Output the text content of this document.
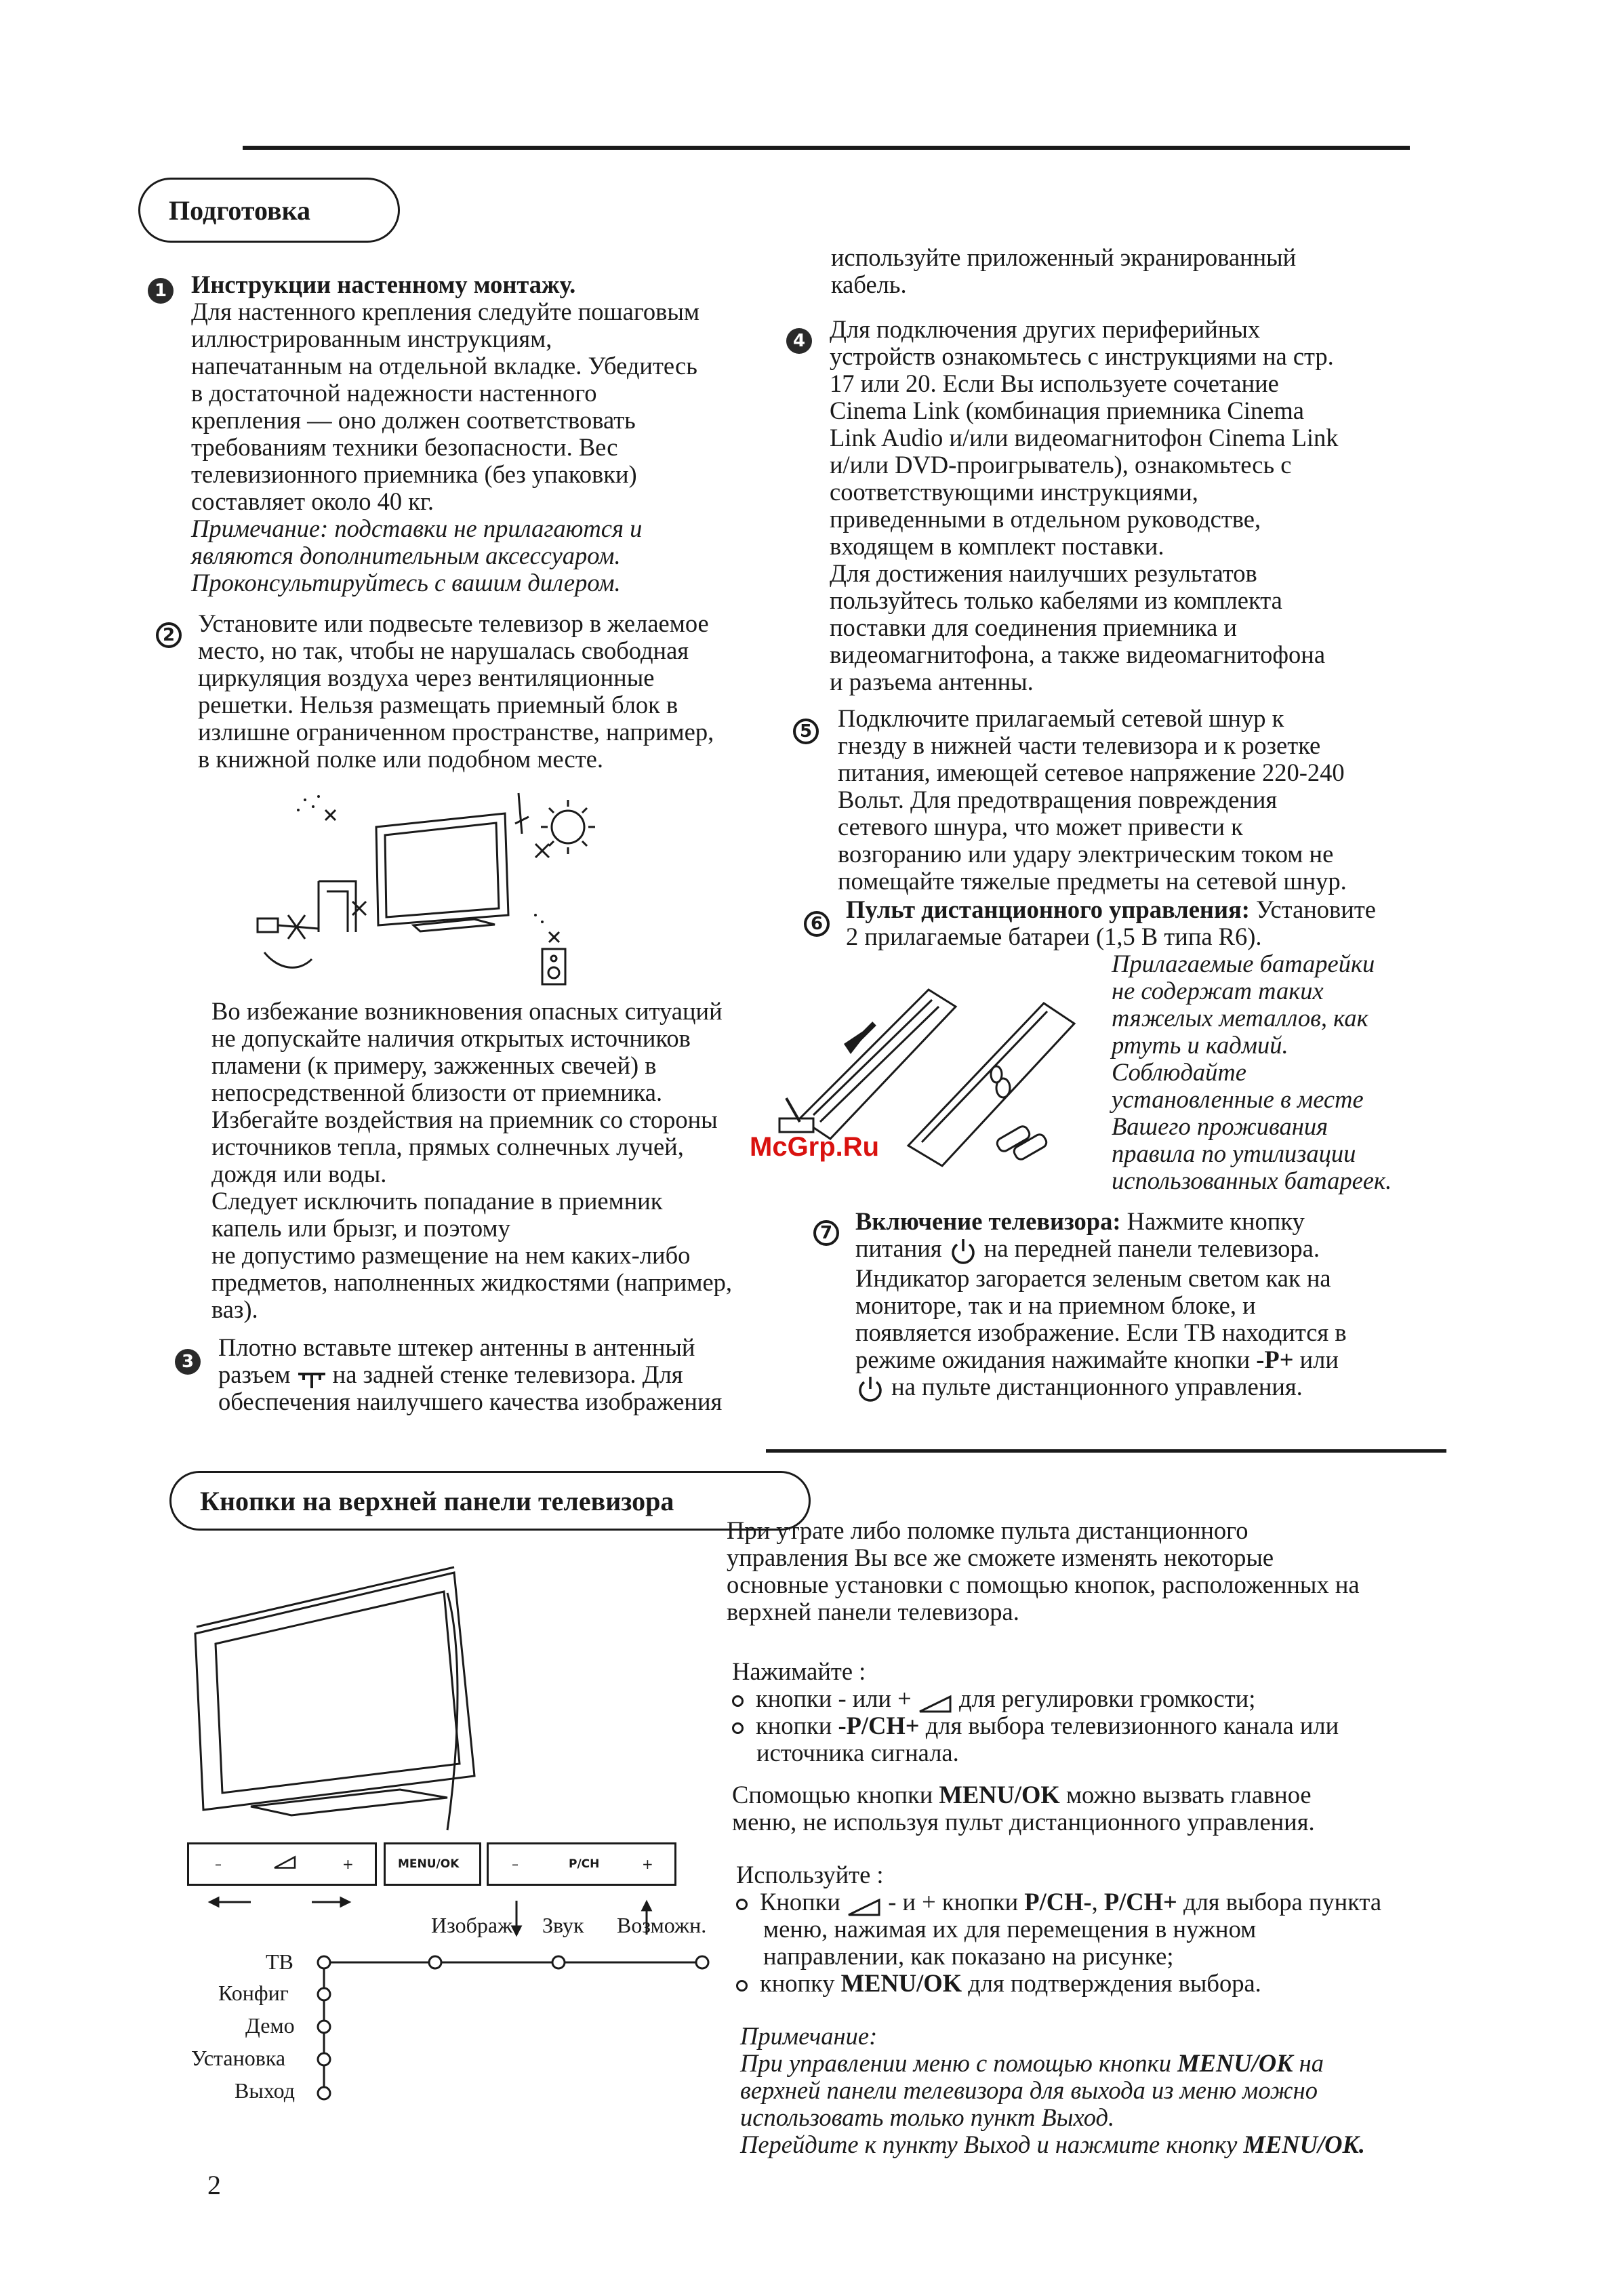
Подготовка
1 Инструкции настенному монтажу.
Для настенного крепления следуйте пошаговым
иллюстрированным инструкциям,
напечатанным на отдельной вкладке. Убедитесь
в достаточной надежности настенного
крепления — оно должен соответствовать
требованиям техники безопасности. Вес
телевизионного приемника (без упаковки)
составляет около 40 кг.
Примечание: подставки не прилагаются и
являются дополнительным аксессуаром.
Проконсультируйтесь с вашим дилером.
2 Установите или подвесьте телевизор в желаемое
место, но так, чтобы не нарушалась свободная
циркуляция воздуха через вентиляционные
решетки. Нельзя размещать приемный блок в
излишне ограниченном пространстве, например,
в книжной полке или подобном месте.
Во избежание возникновения опасных ситуаций
не допускайте наличия открытых источников
пламени (к примеру, зажженных свечей) в
непосредственной близости от приемника.
Избегайте воздействия на приемник со стороны
источников тепла, прямых солнечных лучей,
дождя или воды.
Следует исключить попадание в приемник
капель или брызг, и поэтому
не допустимо размещение на нем каких-либо
предметов, наполненных жидкостями (например,
ваз).
3
Плотно вставьте штекер антенны в антенный
разъем на задней стенке телевизора. Для
обеспечения наилучшего качества изображения
используйте приложенный экранированный
кабель.
4 Для подключения других периферийных
устройств ознакомьтесь с инструкциями на стр.
17 или 20. Если Вы используете сочетание
Cinema Link (комбинация приемника Cinema
Link Audio и/или видеомагнитофон Cinema Link
и/или DVD-проигрыватель), ознакомьтесь с
соответствующими инструкциями,
приведенными в отдельном руководстве,
входящем в комплект поставки.
Для достижения наилучших результатов
пользуйтесь только кабелями из комплекта
поставки для соединения приемника и
видеомагнитофона, а также видеомагнитофона
и разъема антенны.
5 Подключите прилагаемый сетевой шнур к
гнезду в нижней части телевизора и к розетке
питания, имеющей сетевое напряжение 220-240
Вольт. Для предотвращения повреждения
сетевого шнура, что может привести к
возгоранию или удару электрическим током не
помещайте тяжелые предметы на сетевой шнур.
6
Пульт дистанционного управления: Установите
2 прилагаемые батареи (1,5 В типа R6).
Прилагаемые батарейки
не содержат таких
тяжелых металлов, как
ртуть и кадмий.
Соблюдайте
установленные в месте
Вашего проживания
правила по утилизации
использованных батареек.
McGrp.Ru
7 Включение телевизора: Нажмите кнопку
питания на передней панели телевизора.
Индикатор загорается зеленым светом как на
мониторе, так и на приемном блоке, и
появляется изображение. Если ТВ находится в
режиме ожидания нажимайте кнопки -P+ или
на пульте дистанционного управления.
Кнопки на верхней панели телевизора
–	+	MENU/OK	–	P/CH	+
Изображ. Звук Возможн.
ТВ
Конфиг
Демо
Установка
Выход
При утрате либо поломке пульта дистанционного
управления Вы все же сможете изменять некоторые
основные установки с помощью кнопок, расположенных на
верхней панели телевизора.
Нажимайте :
кнопки - или + для регулировки громкости;
кнопки -P/CH+ для выбора телевизионного канала или
источника сигнала.
Спомощью кнопки MENU/OK можно вызвать главное
меню, не используя пульт дистанционного управления.
Используйте :
Кнопки - и + кнопки P/CH-, P/CH+ для выбора пункта
меню, нажимая их для перемещения в нужном
направлении, как показано на рисунке;
кнопку MENU/OK для подтверждения выбора.
Примечание:
При управлении меню с помощью кнопки MENU/OK на
верхней панели телевизора для выхода из меню можно
использовать только пункт Выход.
Перейдите к пункту Выход и нажмите кнопку MENU/OK.
2
